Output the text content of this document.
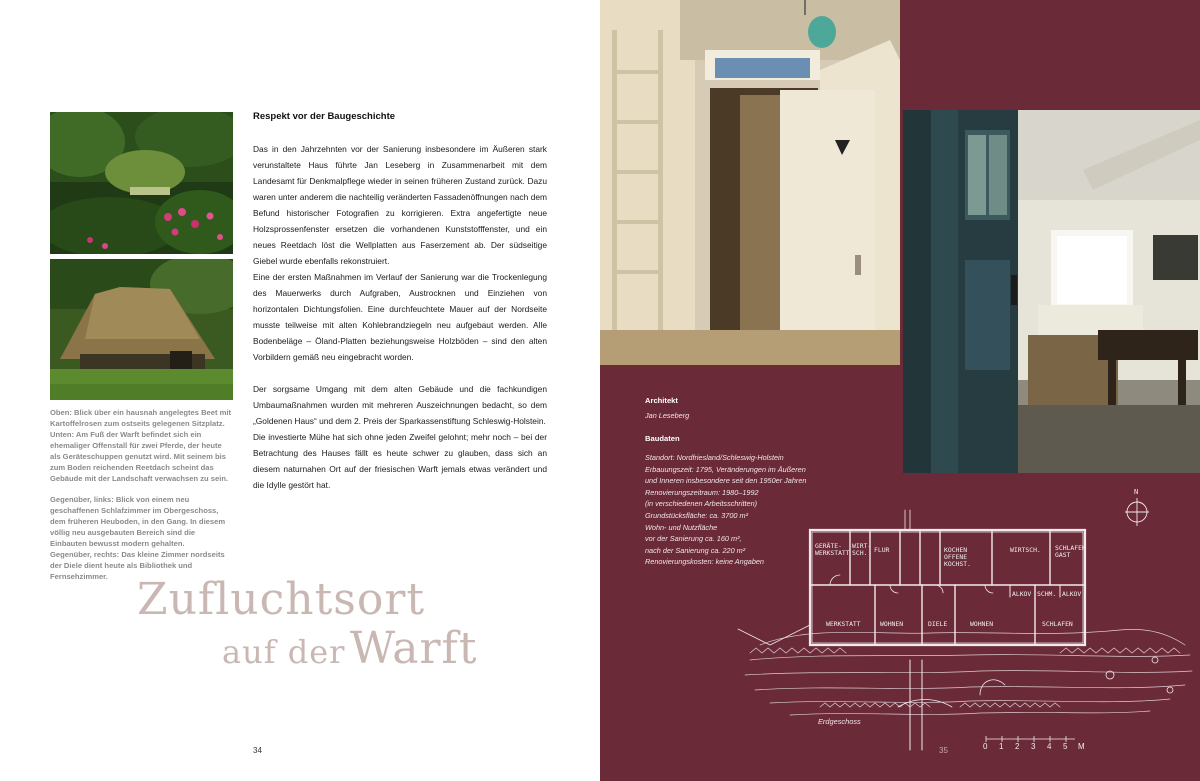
Oben: Blick über ein hausnah angelegtes Beet mit Kartoffelrosen zum ostseits gelegenen Sitzplatz.

Unten: Am Fuß der Warft befindet sich ein ehemaliger Offenstall für zwei Pferde, der heute als Geräteschuppen genutzt wird. Mit seinem bis zum Boden reichenden Reetdach scheint das Gebäude mit der Landschaft verwachsen zu sein.

Gegenüber, links: Blick von einem neu geschaffenen Schlafzimmer im Obergeschoss, dem früheren Heuboden, in den Gang. In diesem völlig neu ausgebauten Bereich sind die Einbauten bewusst modern gehalten.

Gegenüber, rechts: Das kleine Zimmer nordseits der Diele dient heute als Bibliothek und Fernsehzimmer.

Respekt vor der Baugeschichte

Das in den Jahrzehnten vor der Sanierung insbesondere im Äußeren stark verunstaltete Haus führte Jan Leseberg in Zusammenarbeit mit dem Landesamt für Denkmalpflege wieder in seinen früheren Zustand zurück. Dazu waren unter anderem die nachteilig veränderten Fassadenöffnungen nach dem Befund historischer Fotografien zu korrigieren. Extra angefertigte neue Holzsprossenfenster ersetzen die vorhandenen Kunststofffenster, und ein neues Reetdach löst die Wellplatten aus Faserzement ab. Der südseitige Giebel wurde ebenfalls rekonstruiert.

Eine der ersten Maßnahmen im Verlauf der Sanierung war die Trockenlegung des Mauerwerks durch Aufgraben, Austrocknen und Einziehen von horizontalen Dichtungsfolien. Eine durchfeuchtete Mauer auf der Nordseite musste teilweise mit alten Kohlebrandziegeln neu aufgebaut werden. Alle Bodenbeläge – Öland-Platten beziehungsweise Holzböden – sind den alten Vorbildern gemäß neu eingebracht worden.

Der sorgsame Umgang mit dem alten Gebäude und die fachkundigen Umbaumaßnahmen wurden mit mehreren Auszeichnungen bedacht, so dem „Goldenen Haus“ und dem 2. Preis der Sparkassenstiftung Schleswig-Holstein.

Die investierte Mühe hat sich ohne jeden Zweifel gelohnt; mehr noch – bei der Betrachtung des Hauses fällt es heute schwer zu glauben, dass sich an diesem naturnahen Ort auf der friesischen Warft jemals etwas verändert und die Idylle gestört hat.

Zufluchtsort
auf der Warft
34
Architekt
Jan Leseberg
Baudaten
Standort: Nordfriesland/Schleswig-Holstein
Erbauungszeit: 1795, Veränderungen im Äußeren
und Inneren insbesondere seit den 1950er Jahren
Renovierungszeitraum: 1980–1992
(in verschiedenen Arbeitsschritten)
Grundstücksfläche: ca. 3700 m²
Wohn- und Nutzfläche
vor der Sanierung ca. 160 m²,
nach der Sanierung ca. 220 m²
Renovierungskosten: keine Angaben
GERÄTE-
WERKSTATT
WIRT-
SCH.	FLUR	KOCHEN
OFFENE
KOCHST.
WIRTSCH. SCHLAFEN
GAST
ALKOV SCHM. ALKOV
WERKSTATT	WOHNEN	DIELE	WOHNEN	SCHLAFEN
N
Erdgeschoss
35	0 1 2 3 4 5 M
